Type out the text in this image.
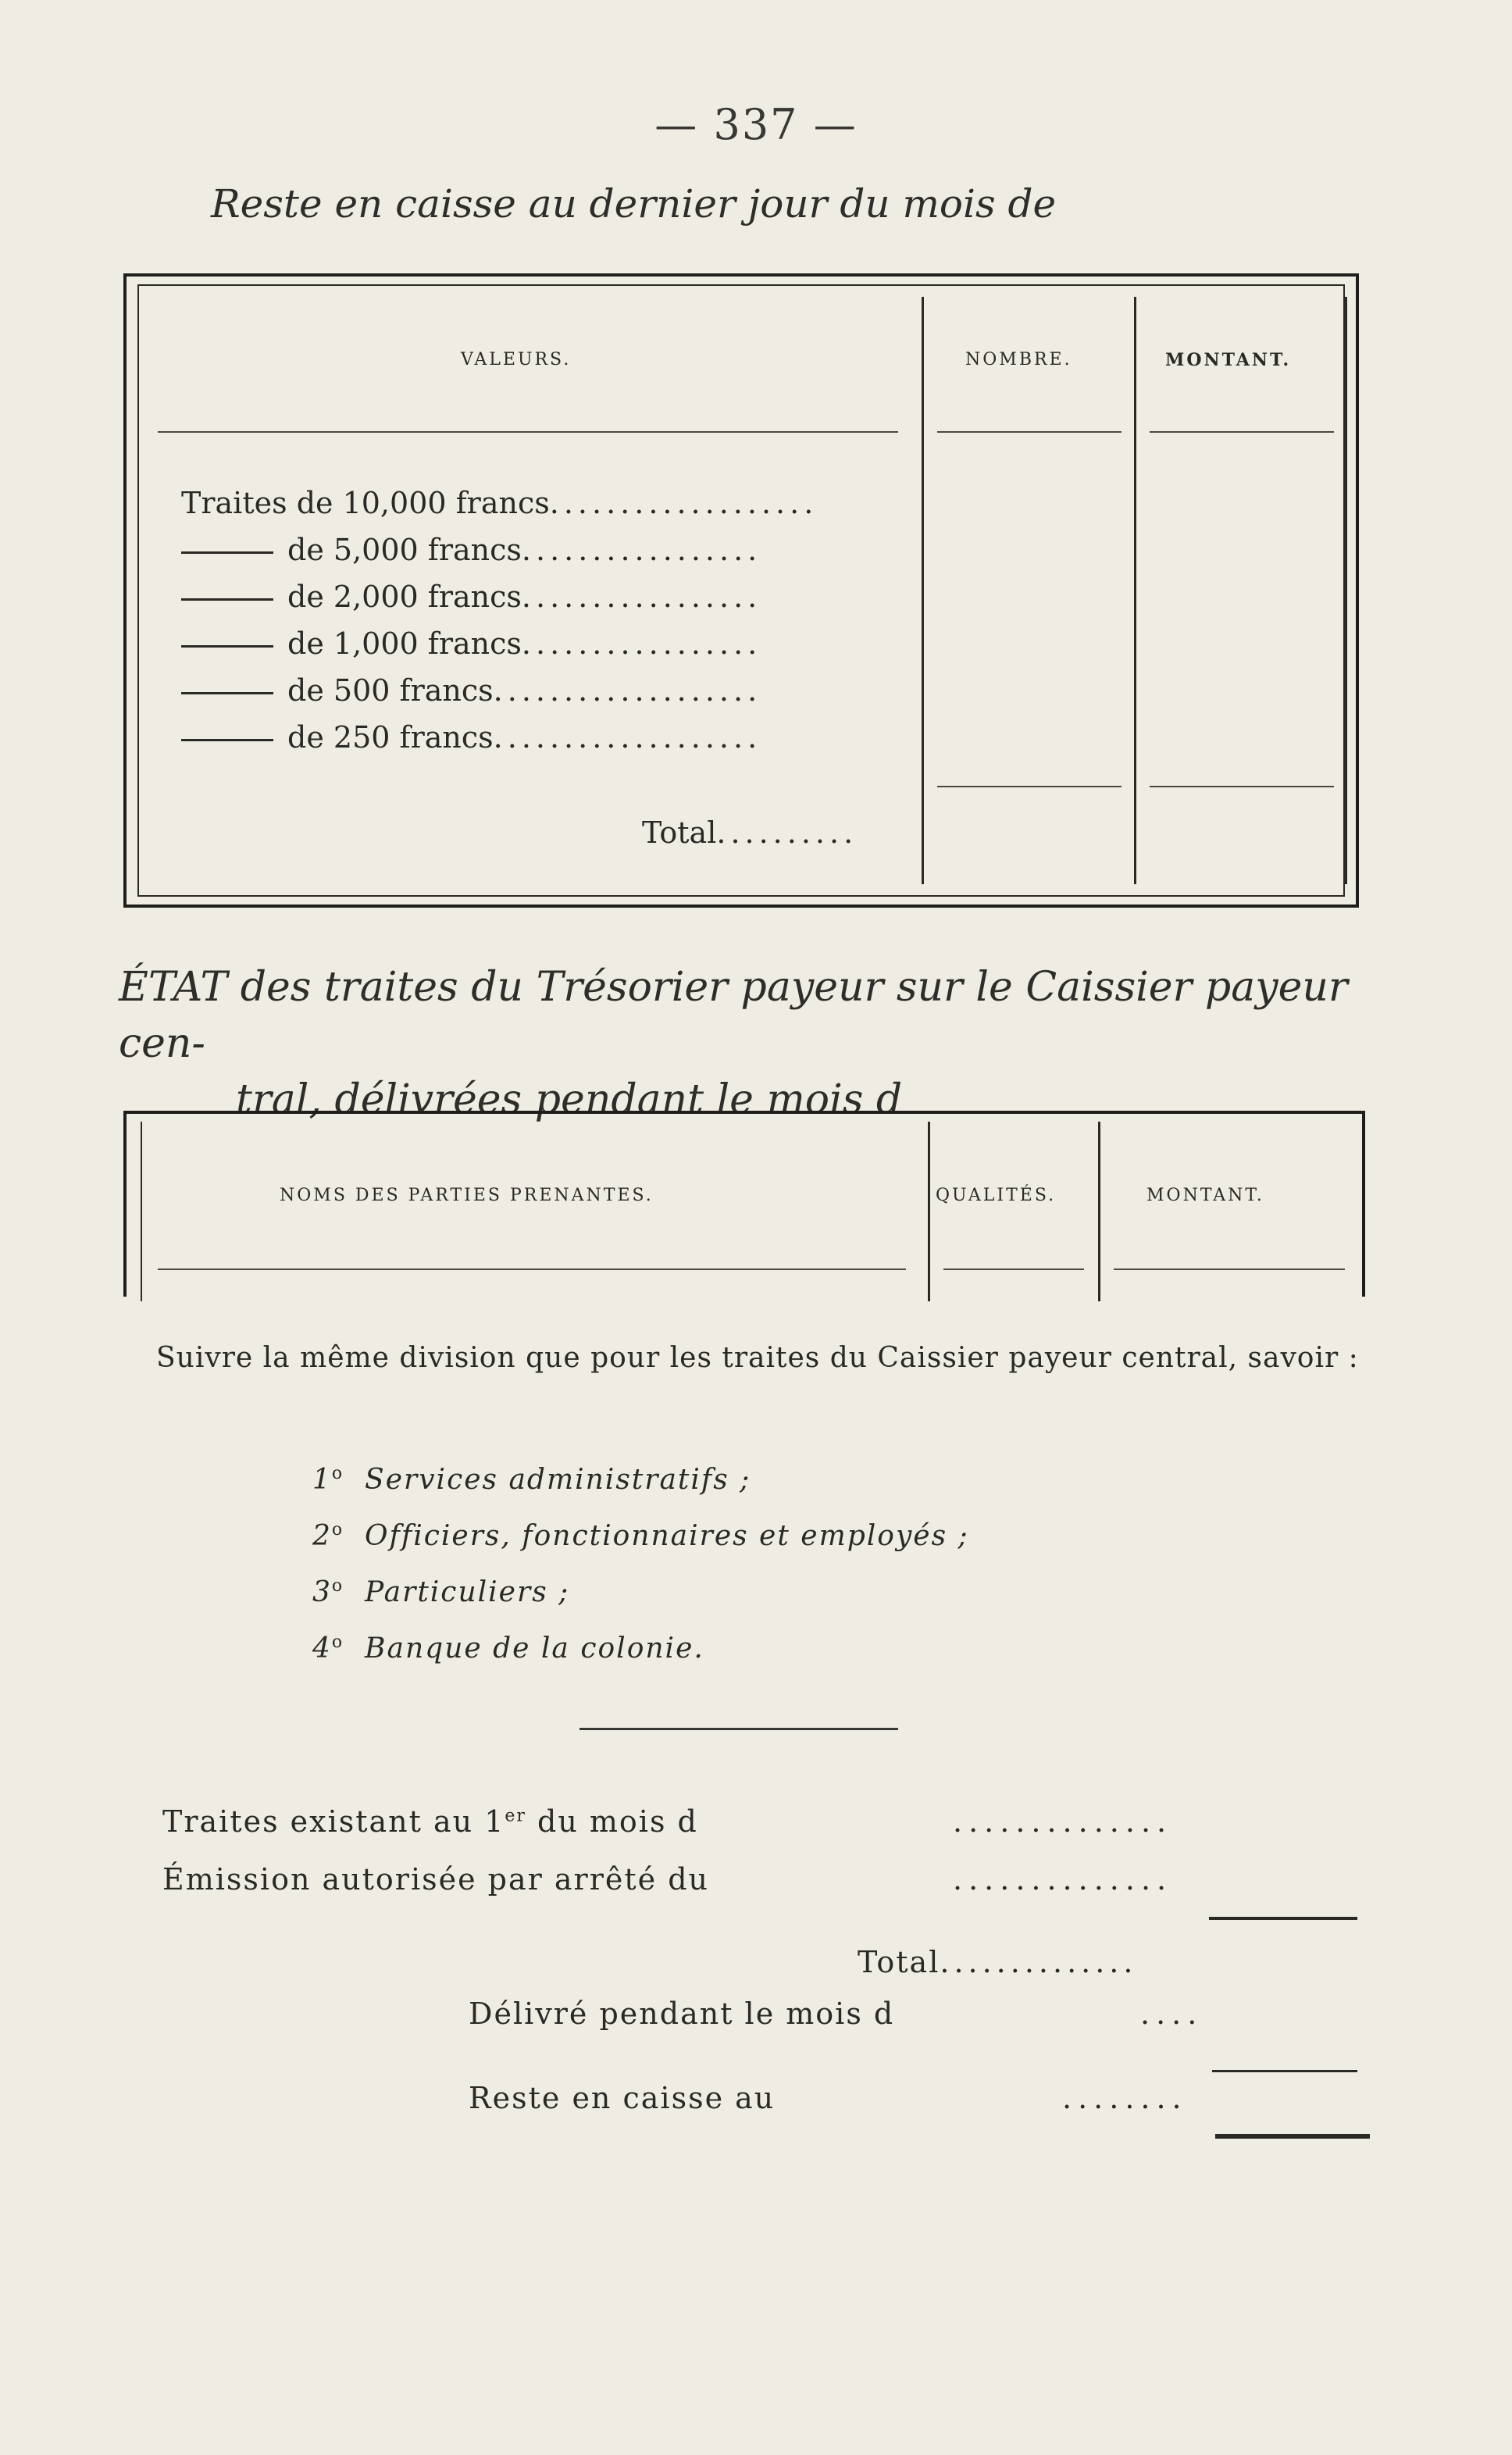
— 337 —
Reste en caisse au dernier jour du mois de
VALEURS.	NOMBRE.	MONTANT.
Traites de 10,000 francs...................
de 5,000 francs.................
de 2,000 francs.................
de 1,000 francs.................
de 500 francs...................
de 250 francs...................
Total..........
ÉTAT des traites du Trésorier payeur sur le Caissier payeur cen-
tral, délivrées pendant le mois d
NOMS DES PARTIES PRENANTES.	QUALITÉS.	MONTANT.
Suivre la même division que pour les traites du Caissier payeur central, savoir :
1$^o$ Services administratifs ;
2$^o$ Officiers, fonctionnaires et employés ;
3$^o$ Particuliers ;
4$^o$ Banque de la colonie.
Traites existant au 1er du mois d	..............
Émission autorisée par arrêté du	..............
Total..............
Délivré pendant le mois d	....
Reste en caisse au	........
